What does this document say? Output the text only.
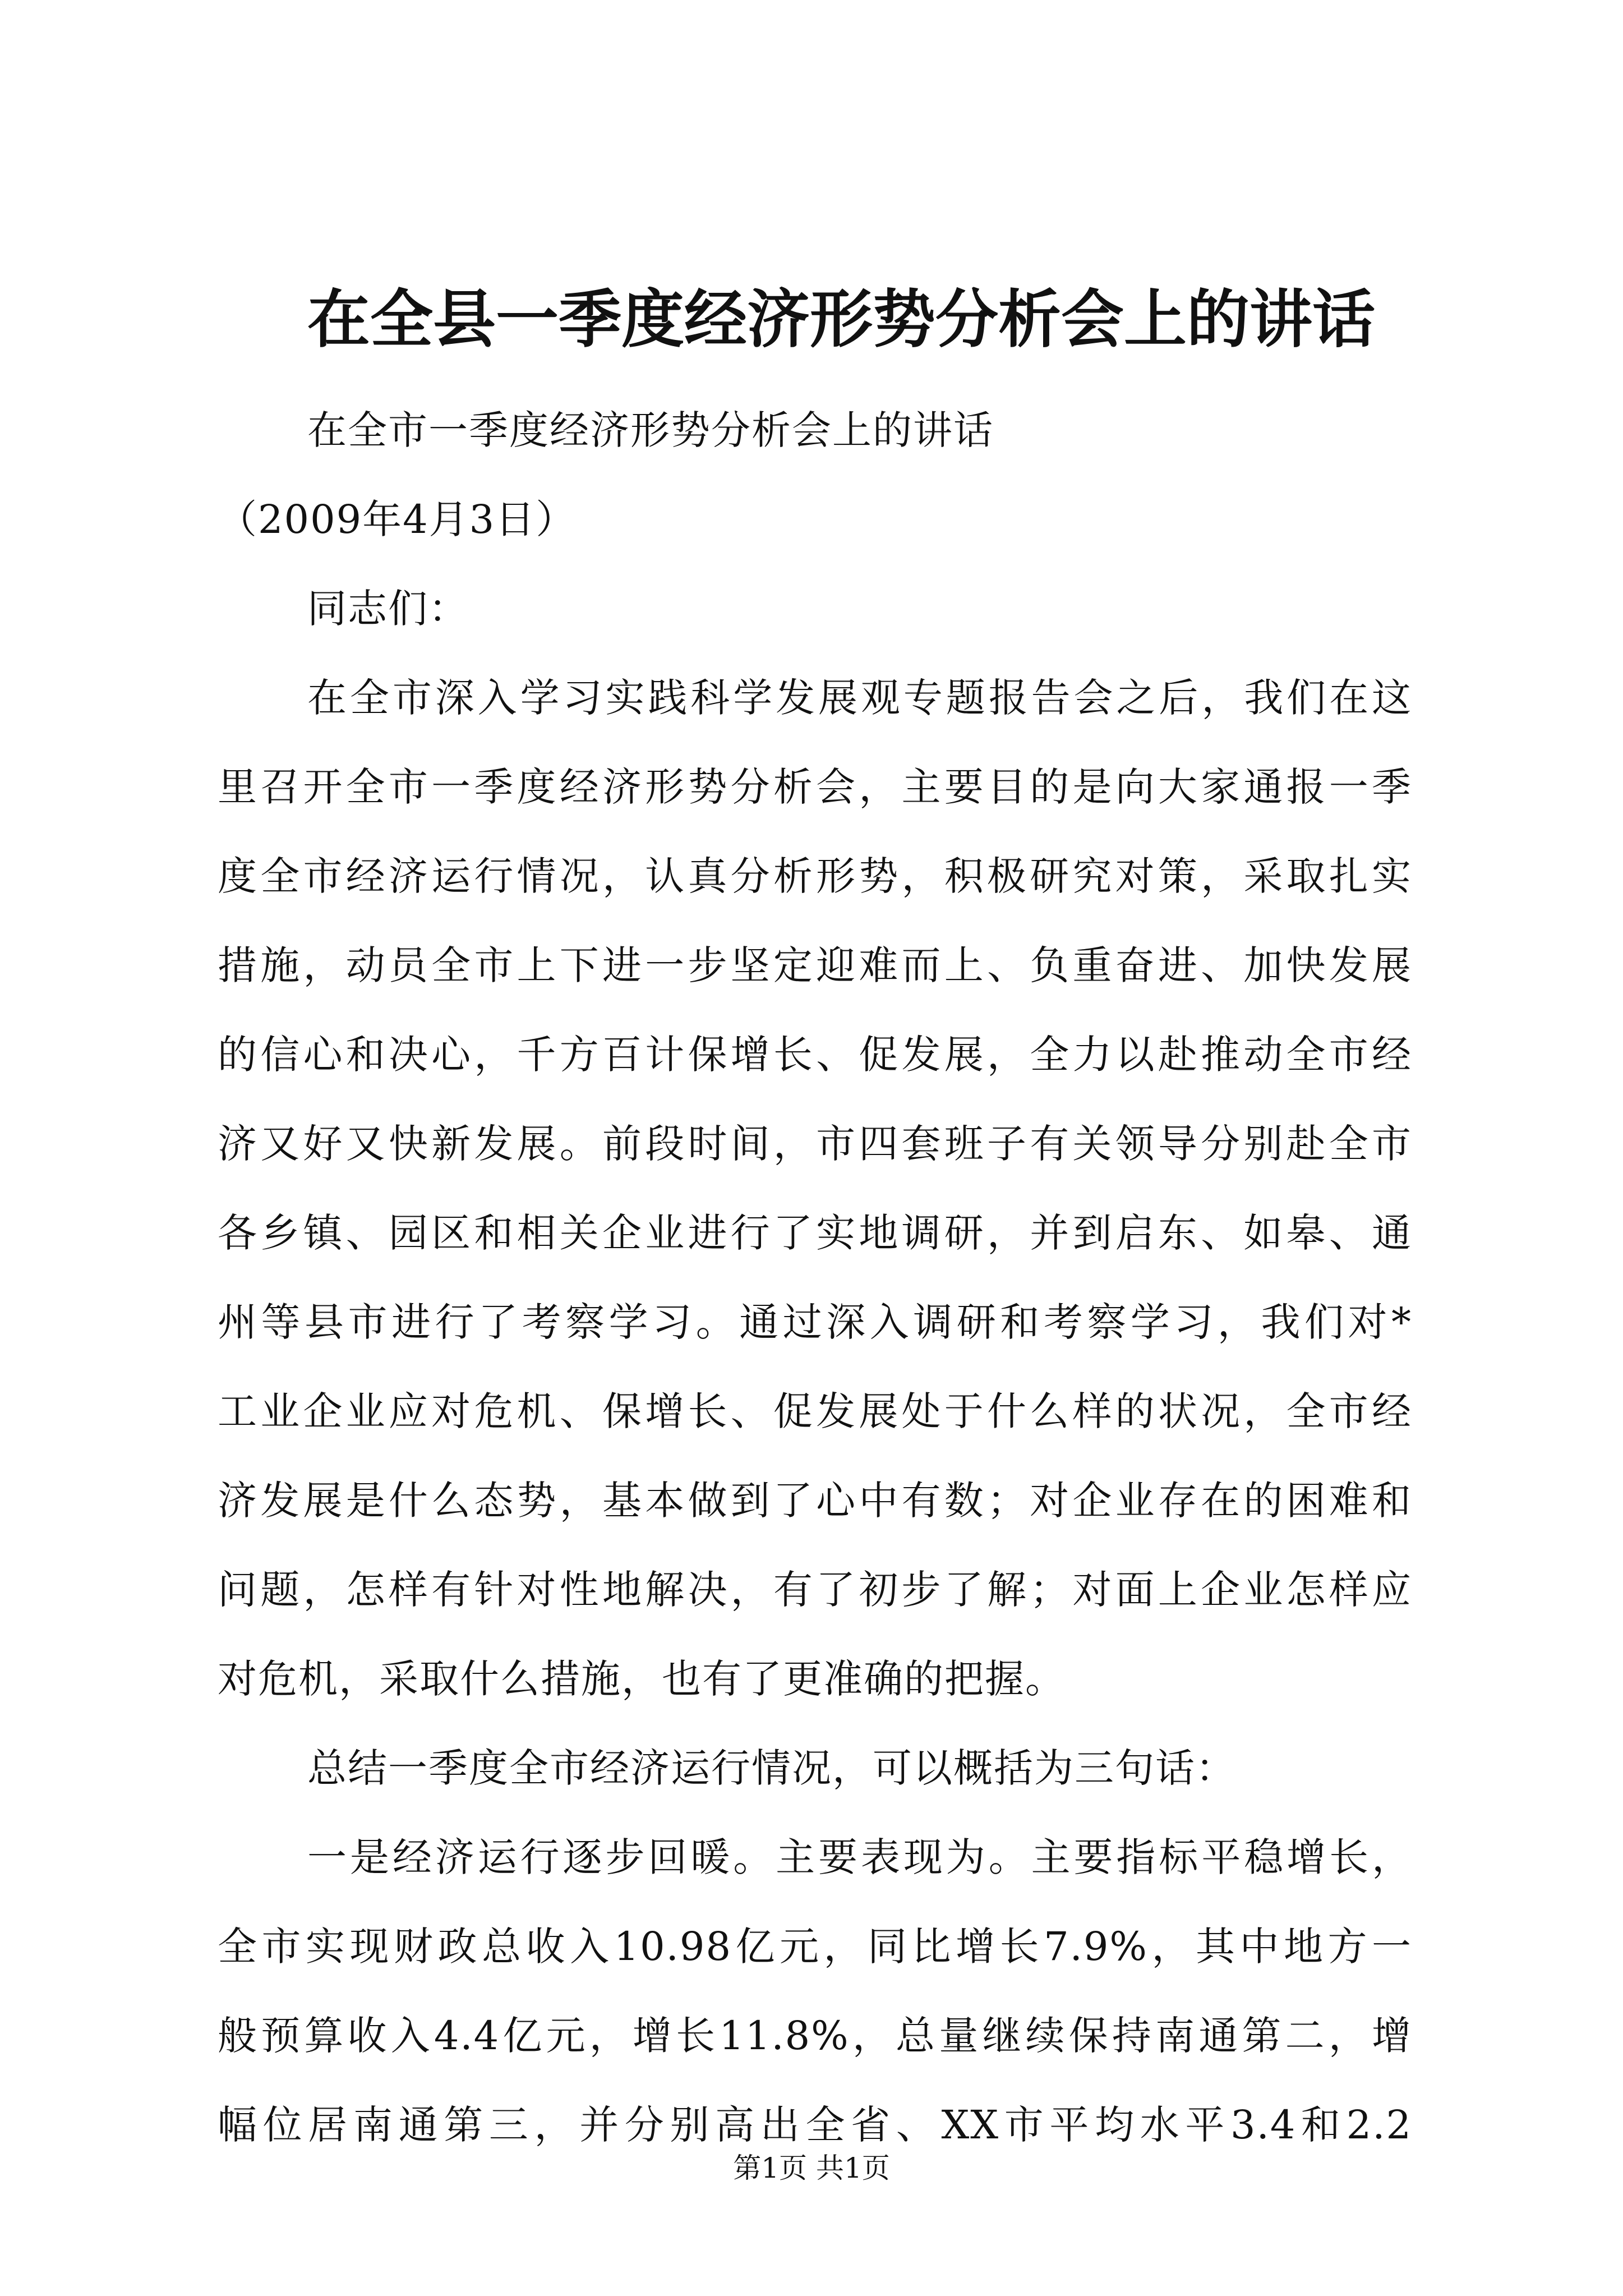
在全县一季度经济形势分析会上的讲话
在全市一季度经济形势分析会上的讲话
（2009年4月3日）
同志们：
在全市深入学习实践科学发展观专题报告会之后，我们在这
里召开全市一季度经济形势分析会，主要目的是向大家通报一季
度全市经济运行情况，认真分析形势，积极研究对策，采取扎实
措施，动员全市上下进一步坚定迎难而上、负重奋进、加快发展
的信心和决心，千方百计保增长、促发展，全力以赴推动全市经
济又好又快新发展。前段时间，市四套班子有关领导分别赴全市
各乡镇、园区和相关企业进行了实地调研，并到启东、如皋、通
州等县市进行了考察学习。通过深入调研和考察学习，我们对*
工业企业应对危机、保增长、促发展处于什么样的状况，全市经
济发展是什么态势，基本做到了心中有数；对企业存在的困难和
问题，怎样有针对性地解决，有了初步了解；对面上企业怎样应
对危机，采取什么措施，也有了更准确的把握。
总结一季度全市经济运行情况，可以概括为三句话：
一是经济运行逐步回暖。主要表现为。主要指标平稳增长，
全市实现财政总收入10.98亿元，同比增长7.9%，其中地方一
般预算收入4.4亿元，增长11.8%，总量继续保持南通第二，增
幅位居南通第三，并分别高出全省、XX市平均水平3.4和2.2
第1页 共1页
